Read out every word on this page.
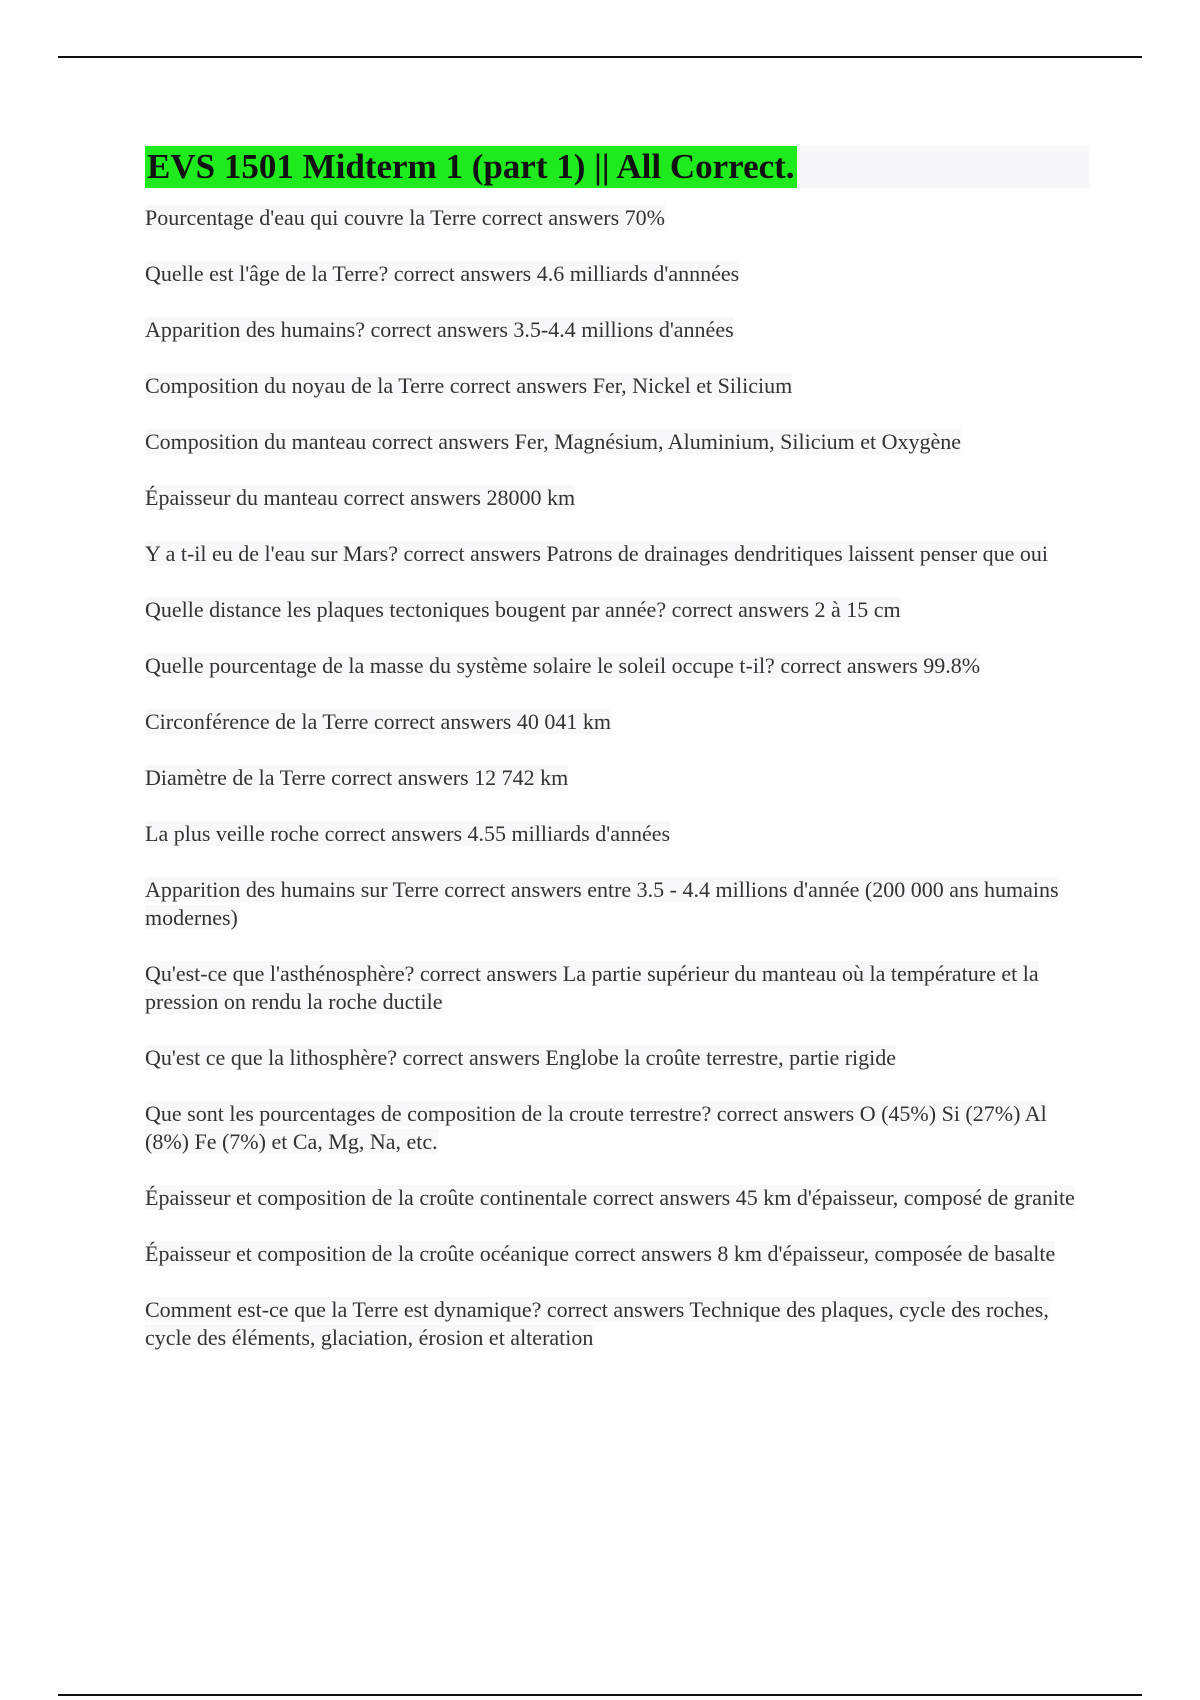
EVS 1501 Midterm 1 (part 1) || All Correct.

Pourcentage d'eau qui couvre la Terre correct answers 70%

Quelle est l'âge de la Terre? correct answers 4.6 milliards d'annnées

Apparition des humains? correct answers 3.5-4.4 millions d'années

Composition du noyau de la Terre correct answers Fer, Nickel et Silicium

Composition du manteau correct answers Fer, Magnésium, Aluminium, Silicium et Oxygène

Épaisseur du manteau correct answers 28000 km

Y a t-il eu de l'eau sur Mars? correct answers Patrons de drainages dendritiques laissent penser que oui

Quelle distance les plaques tectoniques bougent par année? correct answers 2 à 15 cm

Quelle pourcentage de la masse du système solaire le soleil occupe t-il? correct answers 99.8%

Circonférence de la Terre correct answers 40 041 km

Diamètre de la Terre correct answers 12 742 km

La plus veille roche correct answers 4.55 milliards d'années

Apparition des humains sur Terre correct answers entre 3.5 - 4.4 millions d'année (200 000 ans humains modernes)

Qu'est-ce que l'asthénosphère? correct answers La partie supérieur du manteau où la température et la pression on rendu la roche ductile

Qu'est ce que la lithosphère? correct answers Englobe la croûte terrestre, partie rigide

Que sont les pourcentages de composition de la croute terrestre? correct answers O (45%) Si (27%) Al (8%) Fe (7%) et Ca, Mg, Na, etc.

Épaisseur et composition de la croûte continentale correct answers 45 km d'épaisseur, composé de granite

Épaisseur et composition de la croûte océanique correct answers 8 km d'épaisseur, composée de basalte

Comment est-ce que la Terre est dynamique? correct answers Technique des plaques, cycle des roches, cycle des éléments, glaciation, érosion et alteration
